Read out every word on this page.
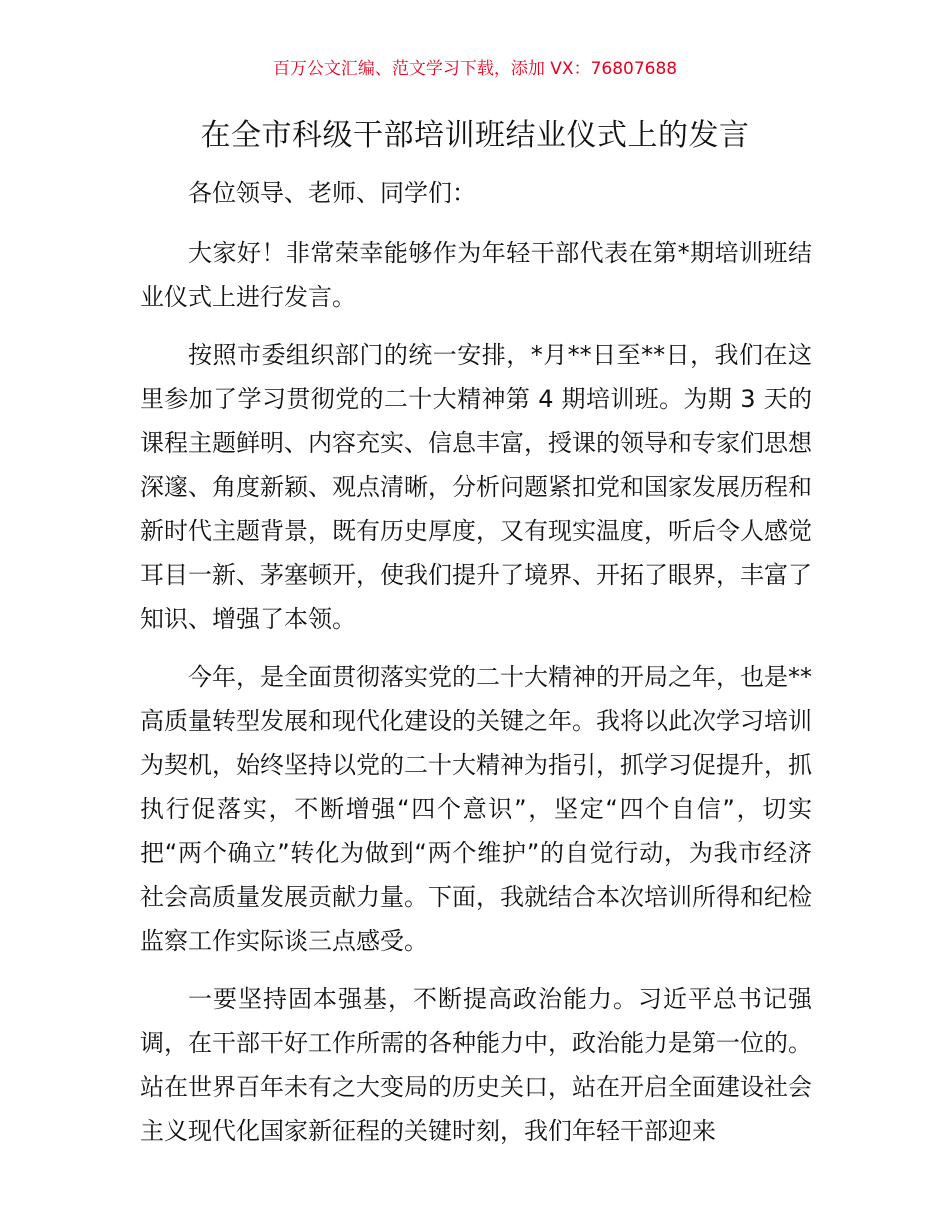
百万公文汇编、范文学习下载，添加 VX：76807688
在全市科级干部培训班结业仪式上的发言

各位领导、老师、同学们：

大家好！非常荣幸能够作为年轻干部代表在第*期培训班结业仪式上进行发言。

按照市委组织部门的统一安排，*月**日至**日，我们在这里参加了学习贯彻党的二十大精神第 4 期培训班。为期 3 天的课程主题鲜明、内容充实、信息丰富，授课的领导和专家们思想深邃、角度新颖、观点清晰，分析问题紧扣党和国家发展历程和新时代主题背景，既有历史厚度，又有现实温度，听后令人感觉耳目一新、茅塞顿开，使我们提升了境界、开拓了眼界，丰富了知识、增强了本领。

今年，是全面贯彻落实党的二十大精神的开局之年，也是**高质量转型发展和现代化建设的关键之年。我将以此次学习培训为契机，始终坚持以党的二十大精神为指引，抓学习促提升，抓执行促落实，不断增强“四个意识”，坚定“四个自信”，切实把“两个确立”转化为做到“两个维护”的自觉行动，为我市经济社会高质量发展贡献力量。下面，我就结合本次培训所得和纪检监察工作实际谈三点感受。

一要坚持固本强基，不断提高政治能力。习近平总书记强调，在干部干好工作所需的各种能力中，政治能力是第一位的。站在世界百年未有之大变局的历史关口，站在开启全面建设社会主义现代化国家新征程的关键时刻，我们年轻干部迎来
